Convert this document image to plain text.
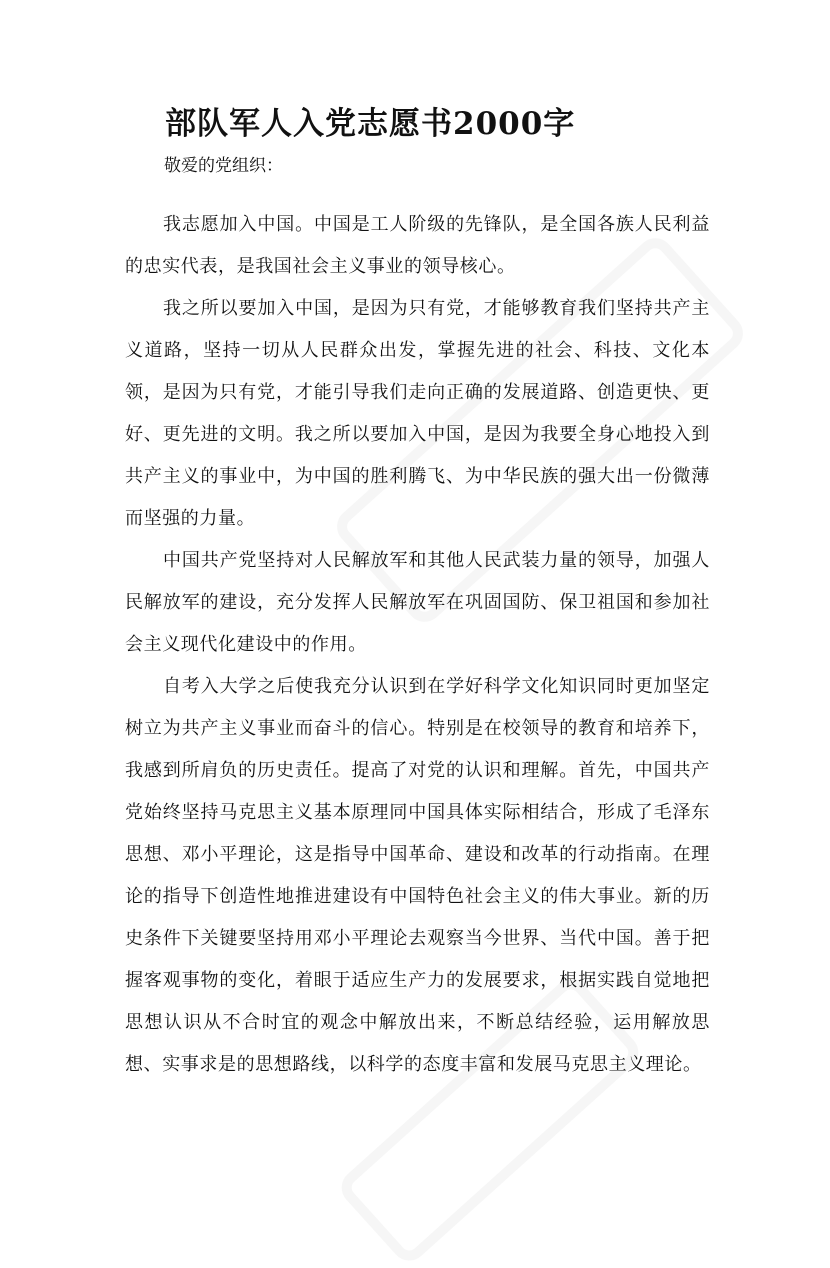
部队军人入党志愿书2000字

敬爱的党组织：

我志愿加入中国。中国是工人阶级的先锋队，是全国各族人民利益的忠实代表，是我国社会主义事业的领导核心。

我之所以要加入中国，是因为只有党，才能够教育我们坚持共产主义道路，坚持一切从人民群众出发，掌握先进的社会、科技、文化本领，是因为只有党，才能引导我们走向正确的发展道路、创造更快、更好、更先进的文明。我之所以要加入中国，是因为我要全身心地投入到共产主义的事业中，为中国的胜利腾飞、为中华民族的强大出一份微薄而坚强的力量。

中国共产党坚持对人民解放军和其他人民武装力量的领导，加强人民解放军的建设，充分发挥人民解放军在巩固国防、保卫祖国和参加社会主义现代化建设中的作用。

自考入大学之后使我充分认识到在学好科学文化知识同时更加坚定树立为共产主义事业而奋斗的信心。特别是在校领导的教育和培养下，我感到所肩负的历史责任。提高了对党的认识和理解。首先，中国共产党始终坚持马克思主义基本原理同中国具体实际相结合，形成了毛泽东思想、邓小平理论，这是指导中国革命、建设和改革的行动指南。在理论的指导下创造性地推进建设有中国特色社会主义的伟大事业。新的历史条件下关键要坚持用邓小平理论去观察当今世界、当代中国。善于把握客观事物的变化，着眼于适应生产力的发展要求，根据实践自觉地把思想认识从不合时宜的观念中解放出来，不断总结经验，运用解放思想、实事求是的思想路线，以科学的态度丰富和发展马克思主义理论。
